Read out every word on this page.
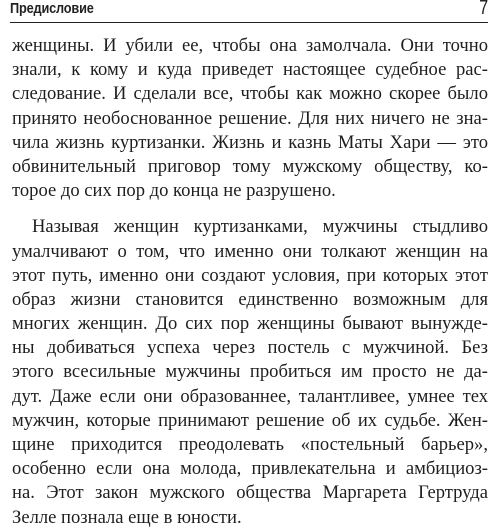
Предисловие	7
женщины. И убили ее, чтобы она замолчала. Они точно
знали, к кому и куда приведет настоящее судебное рас-
следование. И сделали все, чтобы как можно скорее было
принято необоснованное решение. Для них ничего не зна-
чила жизнь куртизанки. Жизнь и казнь Маты Хари — это
обвинительный приговор тому мужскому обществу, ко-
торое до сих пор до конца не разрушено.
Называя женщин куртизанками, мужчины стыдливо
умалчивают о том, что именно они толкают женщин на
этот путь, именно они создают условия, при которых этот
образ жизни становится единственно возможным для
многих женщин. До сих пор женщины бывают вынужде-
ны добиваться успеха через постель с мужчиной. Без
этого всесильные мужчины пробиться им просто не да-
дут. Даже если они образованнее, талантливее, умнее тех
мужчин, которые принимают решение об их судьбе. Жен-
щине приходится преодолевать «постельный барьер»,
особенно если она молода, привлекательна и амбициоз-
на. Этот закон мужского общества Маргарета Гертруда
Зелле познала еще в юности.
